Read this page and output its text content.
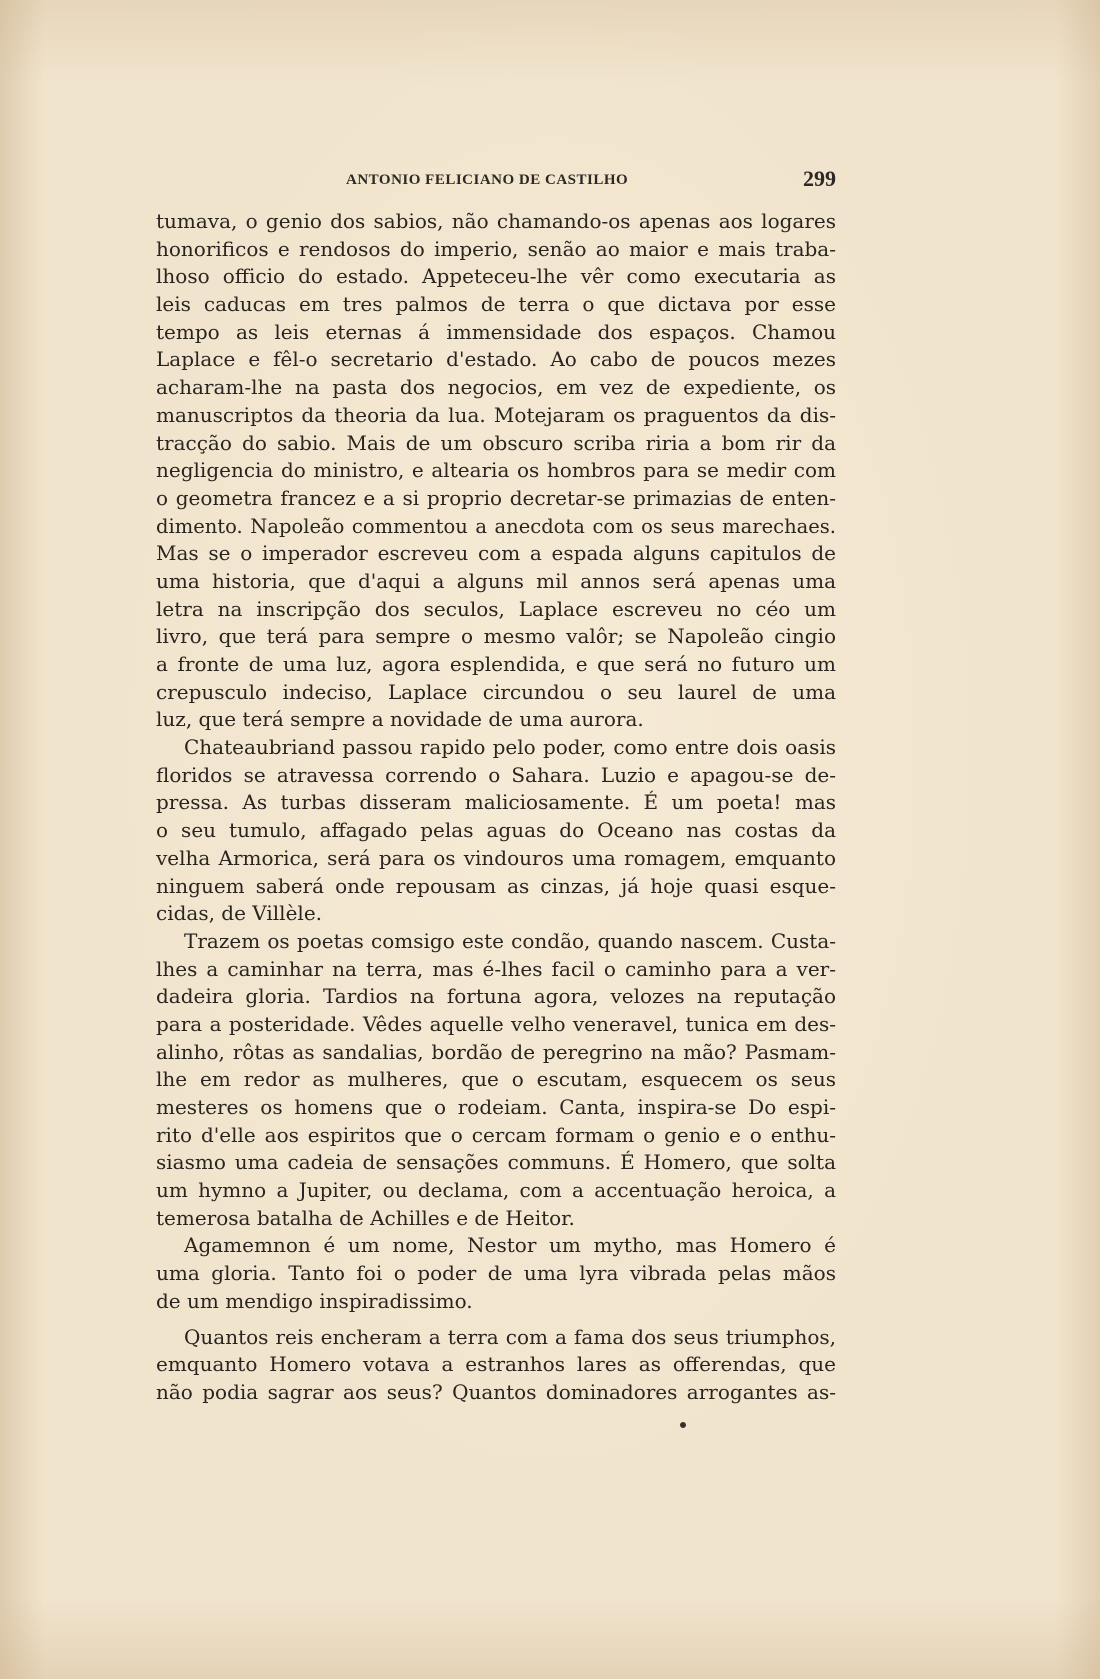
ANTONIO FELICIANO DE CASTILHO	299
tumava, o genio dos sabios, não chamando-os apenas aos logares
honorificos e rendosos do imperio, senão ao maior e mais traba-
lhoso officio do estado. Appeteceu-lhe vêr como executaria as
leis caducas em tres palmos de terra o que dictava por esse
tempo as leis eternas á immensidade dos espaços. Chamou
Laplace e fêl-o secretario d'estado. Ao cabo de poucos mezes
acharam-lhe na pasta dos negocios, em vez de expediente, os
manuscriptos da theoria da lua. Motejaram os praguentos da dis-
tracção do sabio. Mais de um obscuro scriba riria a bom rir da
negligencia do ministro, e altearia os hombros para se medir com
o geometra francez e a si proprio decretar-se primazias de enten-
dimento. Napoleão commentou a anecdota com os seus marechaes.
Mas se o imperador escreveu com a espada alguns capitulos de
uma historia, que d'aqui a alguns mil annos será apenas uma
letra na inscripção dos seculos, Laplace escreveu no céo um
livro, que terá para sempre o mesmo valôr; se Napoleão cingio
a fronte de uma luz, agora esplendida, e que será no futuro um
crepusculo indeciso, Laplace circundou o seu laurel de uma
luz, que terá sempre a novidade de uma aurora.
Chateaubriand passou rapido pelo poder, como entre dois oasis
floridos se atravessa correndo o Sahara. Luzio e apagou-se de-
pressa. As turbas disseram maliciosamente. É um poeta! mas
o seu tumulo, affagado pelas aguas do Oceano nas costas da
velha Armorica, será para os vindouros uma romagem, emquanto
ninguem saberá onde repousam as cinzas, já hoje quasi esque-
cidas, de Villèle.
Trazem os poetas comsigo este condão, quando nascem. Custa-
lhes a caminhar na terra, mas é-lhes facil o caminho para a ver-
dadeira gloria. Tardios na fortuna agora, velozes na reputação
para a posteridade. Vêdes aquelle velho veneravel, tunica em des-
alinho, rôtas as sandalias, bordão de peregrino na mão? Pasmam-
lhe em redor as mulheres, que o escutam, esquecem os seus
mesteres os homens que o rodeiam. Canta, inspira-se Do espi-
rito d'elle aos espiritos que o cercam formam o genio e o enthu-
siasmo uma cadeia de sensações communs. É Homero, que solta
um hymno a Jupiter, ou declama, com a accentuação heroica, a
temerosa batalha de Achilles e de Heitor.
Agamemnon é um nome, Nestor um mytho, mas Homero é
uma gloria. Tanto foi o poder de uma lyra vibrada pelas mãos
de um mendigo inspiradissimo.
Quantos reis encheram a terra com a fama dos seus triumphos,
emquanto Homero votava a estranhos lares as offerendas, que
não podia sagrar aos seus? Quantos dominadores arrogantes as-
